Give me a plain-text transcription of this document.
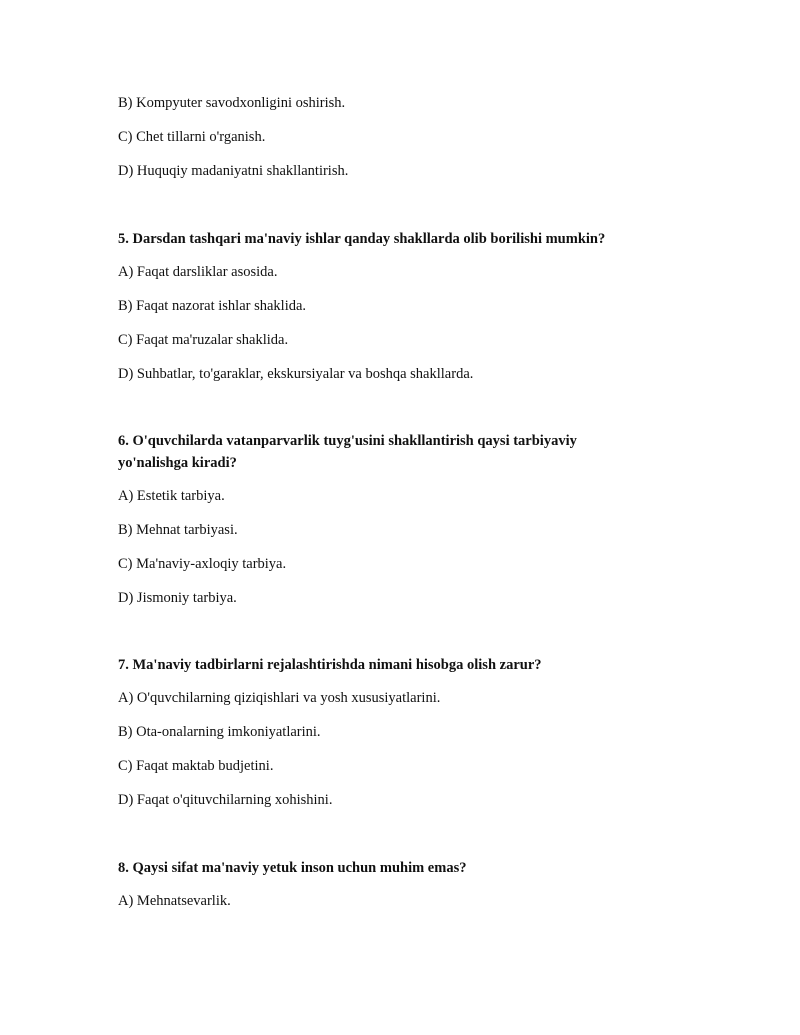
B) Kompyuter savodxonligini oshirish.
C) Chet tillarni o'rganish.
D) Huquqiy madaniyatni shakllantirish.
5. Darsdan tashqari ma'naviy ishlar qanday shakllarda olib borilishi mumkin?
A) Faqat darsliklar asosida.
B) Faqat nazorat ishlar shaklida.
C) Faqat ma'ruzalar shaklida.
D) Suhbatlar, to'garaklar, ekskursiyalar va boshqa shakllarda.
6. O'quvchilarda vatanparvarlik tuyg'usini shakllantirish qaysi tarbiyaviy
yo'nalishga kiradi?
A) Estetik tarbiya.
B) Mehnat tarbiyasi.
C) Ma'naviy-axloqiy tarbiya.
D) Jismoniy tarbiya.
7. Ma'naviy tadbirlarni rejalashtirishda nimani hisobga olish zarur?
A) O'quvchilarning qiziqishlari va yosh xususiyatlarini.
B) Ota-onalarning imkoniyatlarini.
C) Faqat maktab budjetini.
D) Faqat o'qituvchilarning xohishini.
8. Qaysi sifat ma'naviy yetuk inson uchun muhim emas?
A) Mehnatsevarlik.
